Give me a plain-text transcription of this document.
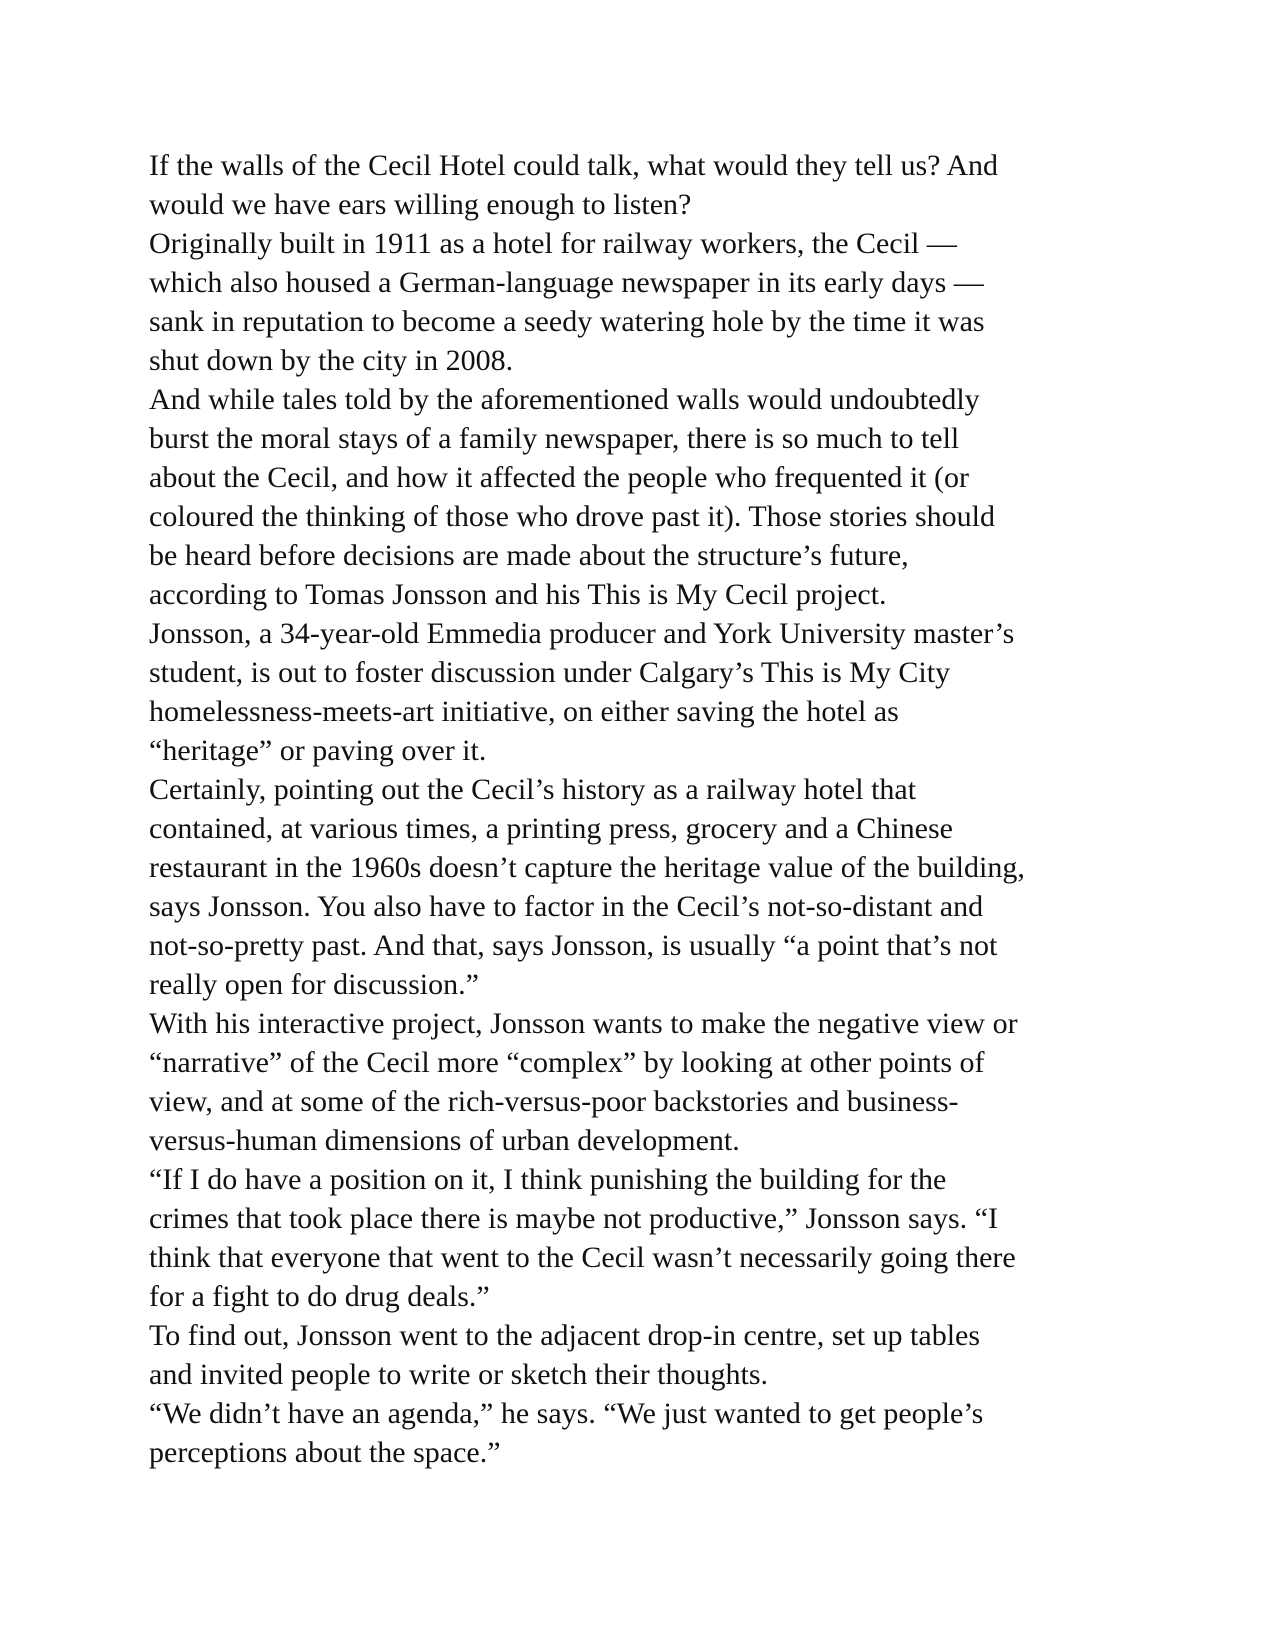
If the walls of the Cecil Hotel could talk, what would they tell us? And
would we have ears willing enough to listen?
Originally built in 1911 as a hotel for railway workers, the Cecil —
which also housed a German-language newspaper in its early days —
sank in reputation to become a seedy watering hole by the time it was
shut down by the city in 2008.
And while tales told by the aforementioned walls would undoubtedly
burst the moral stays of a family newspaper, there is so much to tell
about the Cecil, and how it affected the people who frequented it (or
coloured the thinking of those who drove past it). Those stories should
be heard before decisions are made about the structure’s future,
according to Tomas Jonsson and his This is My Cecil project.
Jonsson, a 34-year-old Emmedia producer and York University master’s
student, is out to foster discussion under Calgary’s This is My City
homelessness-meets-art initiative, on either saving the hotel as
“heritage” or paving over it.
Certainly, pointing out the Cecil’s history as a railway hotel that
contained, at various times, a printing press, grocery and a Chinese
restaurant in the 1960s doesn’t capture the heritage value of the building,
says Jonsson. You also have to factor in the Cecil’s not-so-distant and
not-so-pretty past. And that, says Jonsson, is usually “a point that’s not
really open for discussion.”
With his interactive project, Jonsson wants to make the negative view or
“narrative” of the Cecil more “complex” by looking at other points of
view, and at some of the rich-versus-poor backstories and business-
versus-human dimensions of urban development.
“If I do have a position on it, I think punishing the building for the
crimes that took place there is maybe not productive,” Jonsson says. “I
think that everyone that went to the Cecil wasn’t necessarily going there
for a fight to do drug deals.”
To find out, Jonsson went to the adjacent drop-in centre, set up tables
and invited people to write or sketch their thoughts.
“We didn’t have an agenda,” he says. “We just wanted to get people’s
perceptions about the space.”
